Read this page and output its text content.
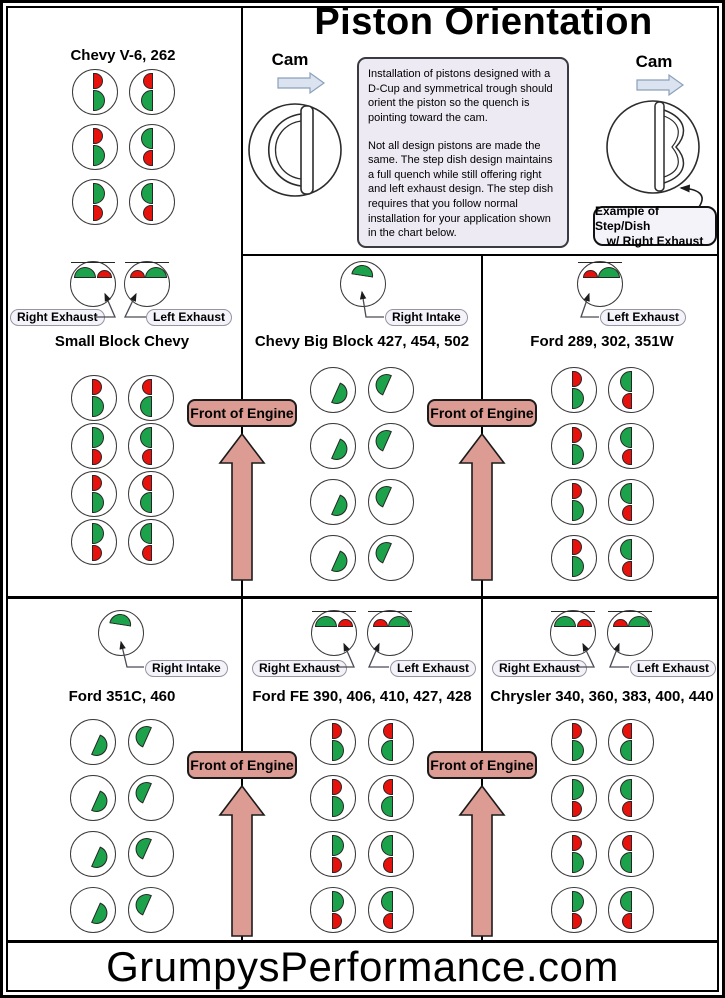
Piston Orientation
Cam	Cam

Installation of pistons designed with a D-Cup and symmetrical trough should orient the piston so the quench is pointing toward the cam.

Not all design pistons are made the same. The step dish design maintains a full quench while still offering right and left exhaust design. The step dish requires that you follow normal installation for your application shown in the chart below.

Example of Step/Dish
w/ Right Exhaust
Chevy V-6, 262
Right Exhaust	Left Exhaust
Small Block Chevy
Right Intake
Chevy Big Block 427, 454, 502
Left Exhaust
Ford 289, 302, 351W
Right Intake
Ford 351C, 460
Right Exhaust	Left Exhaust
Ford FE 390, 406, 410, 427, 428
Right Exhaust	Left Exhaust
Chrysler 340, 360, 383, 400, 440
Front of Engine	Front of Engine
Front of Engine	Front of Engine
GrumpysPerformance.com
